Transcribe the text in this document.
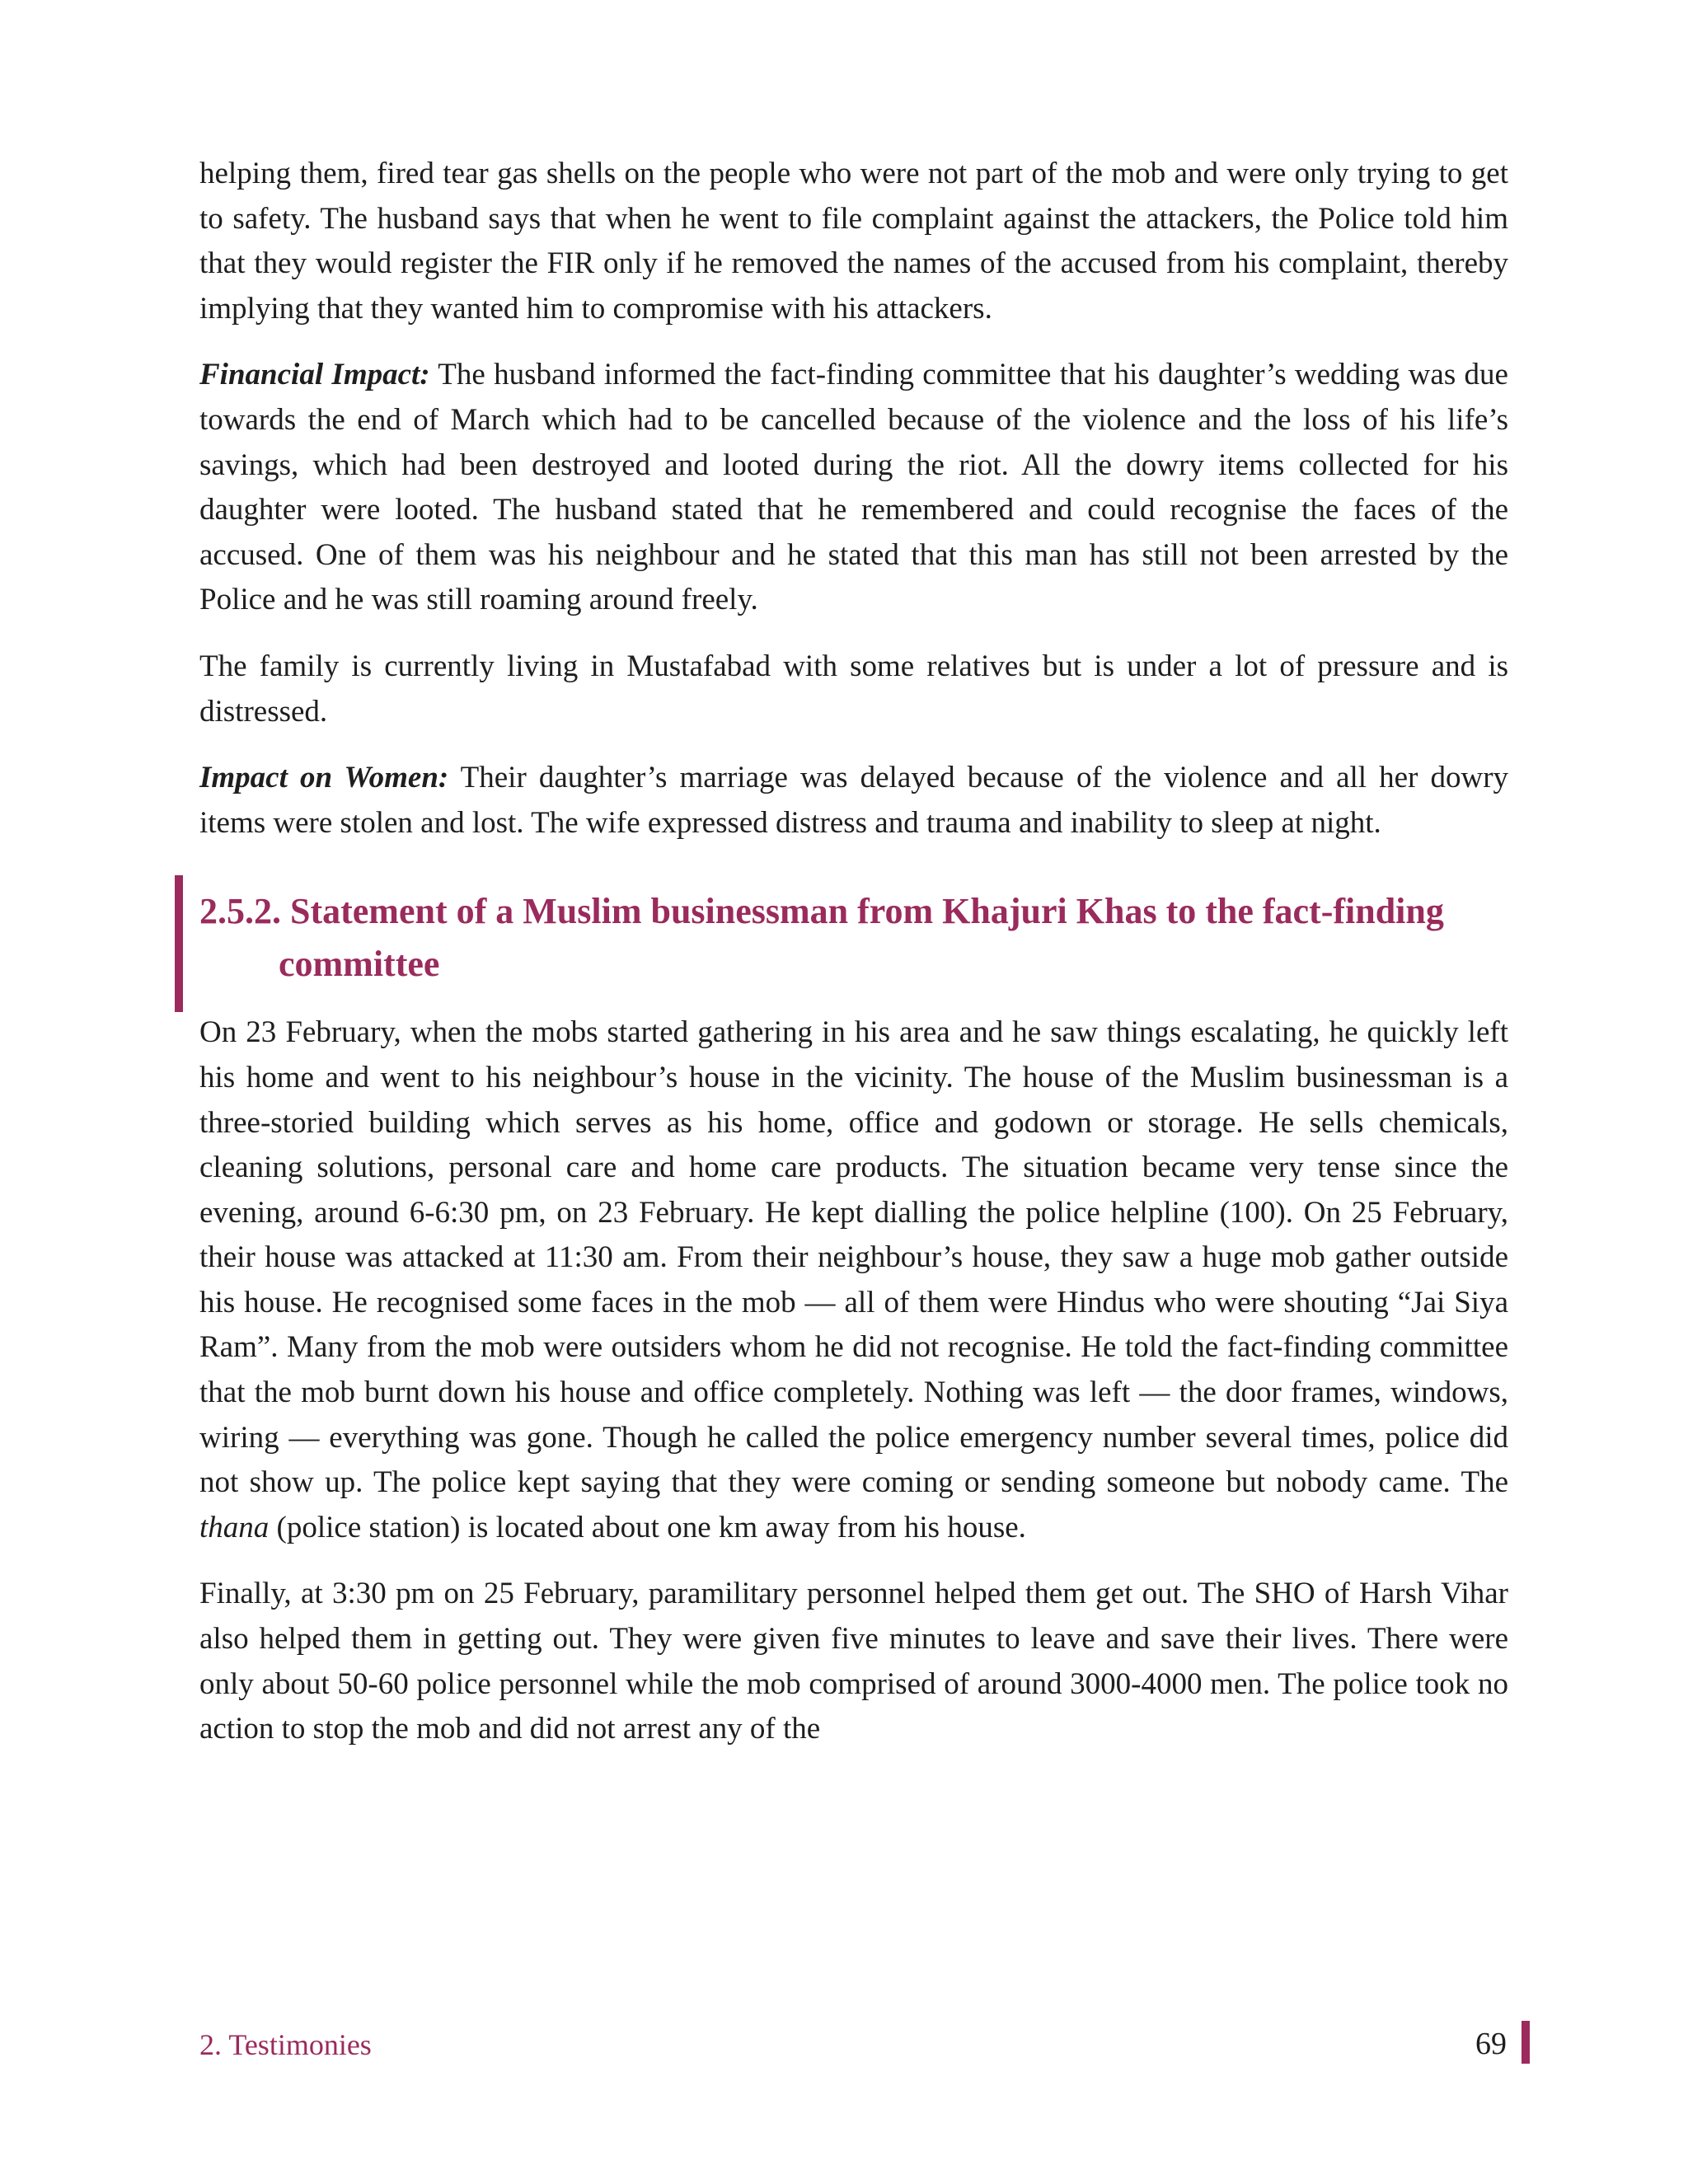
helping them, fired tear gas shells on the people who were not part of the mob and were only trying to get to safety. The husband says that when he went to file complaint against the attackers, the Police told him that they would register the FIR only if he removed the names of the accused from his complaint, thereby implying that they wanted him to compromise with his attackers.

Financial Impact: The husband informed the fact-finding committee that his daughter’s wedding was due towards the end of March which had to be cancelled because of the violence and the loss of his life’s savings, which had been destroyed and looted during the riot. All the dowry items collected for his daughter were looted. The husband stated that he remembered and could recognise the faces of the accused. One of them was his neighbour and he stated that this man has still not been arrested by the Police and he was still roaming around freely.

The family is currently living in Mustafabad with some relatives but is under a lot of pressure and is distressed.

Impact on Women: Their daughter’s marriage was delayed because of the violence and all her dowry items were stolen and lost. The wife expressed distress and trauma and inability to sleep at night.

2.5.2. Statement of a Muslim businessman from Khajuri Khas to the fact-finding committee

On 23 February, when the mobs started gathering in his area and he saw things escalating, he quickly left his home and went to his neighbour’s house in the vicinity. The house of the Muslim businessman is a three-storied building which serves as his home, office and godown or storage. He sells chemicals, cleaning solutions, personal care and home care products. The situation became very tense since the evening, around 6-6:30 pm, on 23 February. He kept dialling the police helpline (100). On 25 February, their house was attacked at 11:30 am. From their neighbour’s house, they saw a huge mob gather outside his house. He recognised some faces in the mob — all of them were Hindus who were shouting “Jai Siya Ram”. Many from the mob were outsiders whom he did not recognise. He told the fact-finding committee that the mob burnt down his house and office completely. Nothing was left — the door frames, windows, wiring — everything was gone. Though he called the police emergency number several times, police did not show up. The police kept saying that they were coming or sending someone but nobody came. The thana (police station) is located about one km away from his house.

Finally, at 3:30 pm on 25 February, paramilitary personnel helped them get out. The SHO of Harsh Vihar also helped them in getting out. They were given five minutes to leave and save their lives. There were only about 50-60 police personnel while the mob comprised of around 3000-4000 men. The police took no action to stop the mob and did not arrest any of the

2. Testimonies	69
